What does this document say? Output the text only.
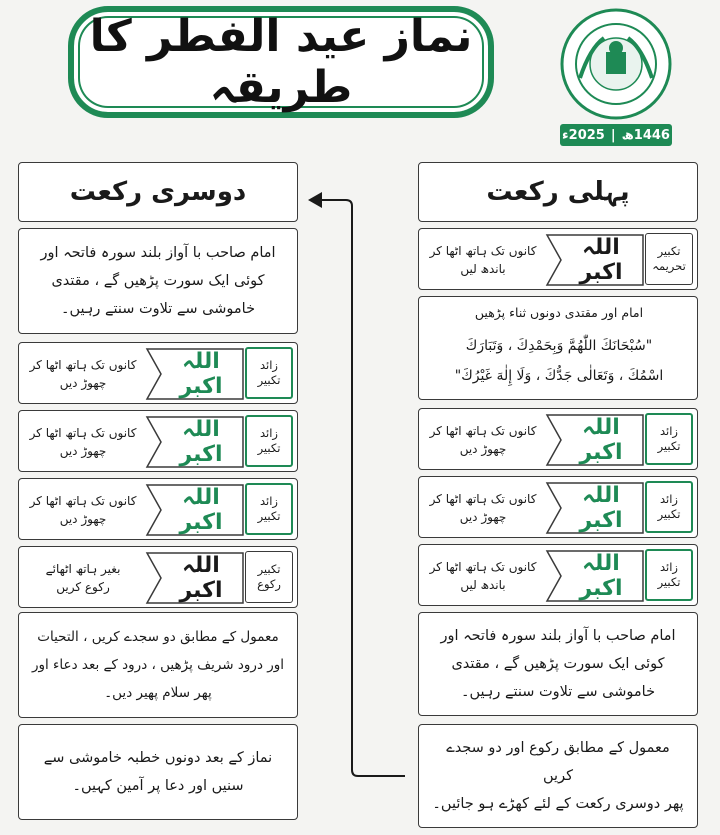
نماز عید الفطر کا طریقہ
1446ھ
|
2025ء
پہلی رکعت
تکبیر
تحریمہ
اللہ اکبر
کانوں تک ہاتھ اٹھا کر
باندھ لیں
امام اور مقتدی دونوں ثناء پڑھیں
"سُبْحَانَكَ اللّٰهُمَّ وَبِحَمْدِكَ ، وَتَبَارَكَ
اسْمُكَ ، وَتَعَالٰى جَدُّكَ ، وَلَا إِلٰهَ غَيْرُكَ"
زائد
تکبیر
اللہ اکبر
کانوں تک ہاتھ اٹھا کر
چھوڑ دیں
زائد
تکبیر
اللہ اکبر
کانوں تک ہاتھ اٹھا کر
چھوڑ دیں
زائد
تکبیر
اللہ اکبر
کانوں تک ہاتھ اٹھا کر
باندھ لیں
امام صاحب با آواز بلند سورہ فاتحہ اور
کوئی ایک سورت پڑھیں گے ، مقتدی
خاموشی سے تلاوت سنتے رہیں۔
معمول کے مطابق رکوع اور دو سجدے کریں
پھر دوسری رکعت کے لئے کھڑے ہو جائیں۔
دوسری رکعت
امام صاحب با آواز بلند سورہ فاتحہ اور
کوئی ایک سورت پڑھیں گے ، مقتدی
خاموشی سے تلاوت سنتے رہیں۔
زائد
تکبیر
اللہ اکبر
کانوں تک ہاتھ اٹھا کر
چھوڑ دیں
زائد
تکبیر
اللہ اکبر
کانوں تک ہاتھ اٹھا کر
چھوڑ دیں
زائد
تکبیر
اللہ اکبر
کانوں تک ہاتھ اٹھا کر
چھوڑ دیں
تکبیر
رکوع
اللہ اکبر
بغیر ہاتھ اٹھائے
رکوع کریں
معمول کے مطابق دو سجدے کریں ، التحیات
اور درود شریف پڑھیں ، درود کے بعد دعاء اور
پھر سلام پھیر دیں۔
نماز کے بعد دونوں خطبہ خاموشی سے
سنیں اور دعا پر آمین کہیں۔
